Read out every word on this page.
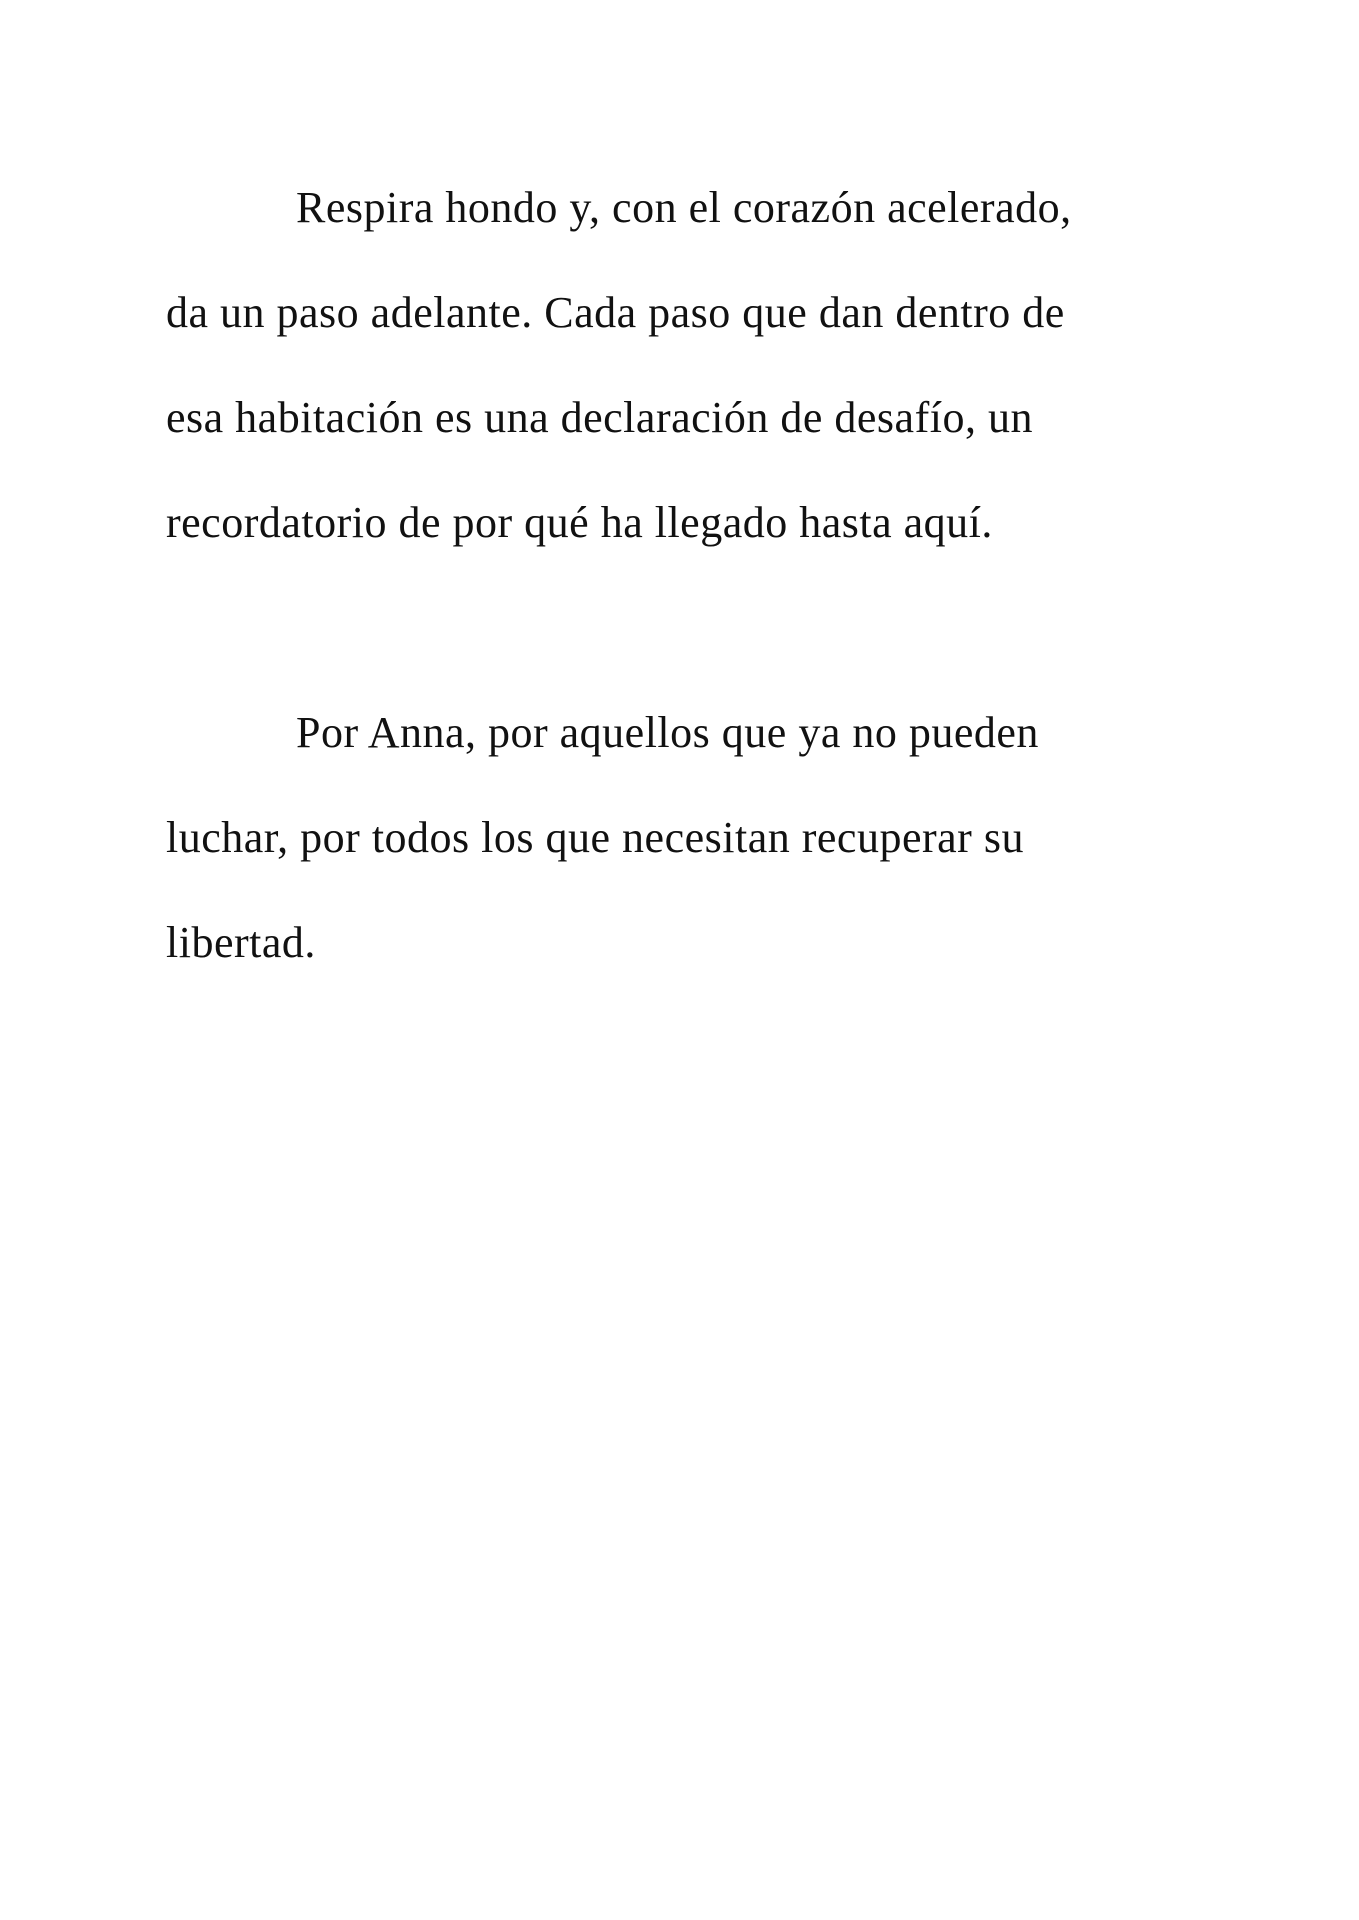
Respira hondo y, con el corazón acelerado,
da un paso adelante. Cada paso que dan dentro de
esa habitación es una declaración de desafío, un
recordatorio de por qué ha llegado hasta aquí.

Por Anna, por aquellos que ya no pueden
luchar, por todos los que necesitan recuperar su
libertad.
